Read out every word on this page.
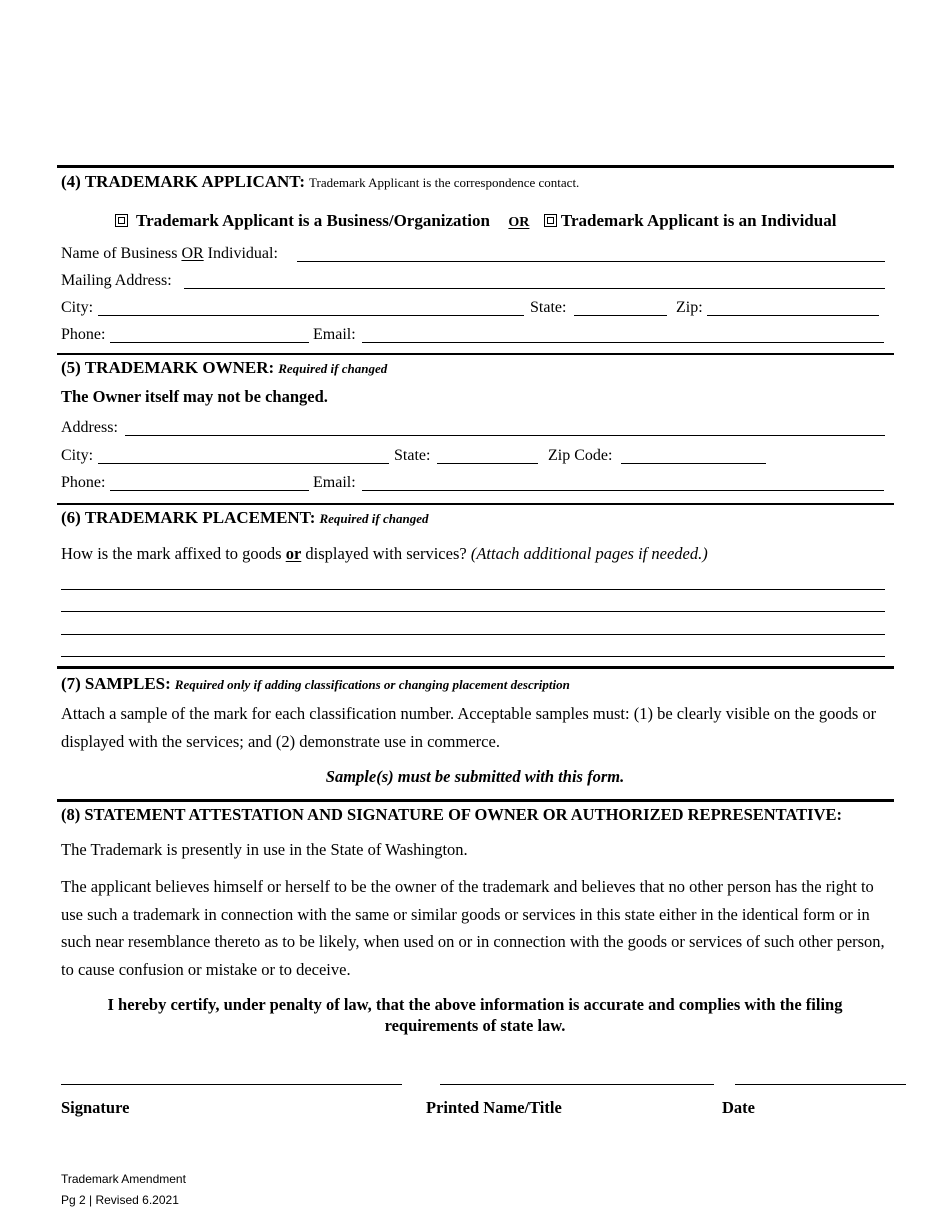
(4) TRADEMARK APPLICANT: Trademark Applicant is the correspondence contact.
Trademark Applicant is a Business/Organization OR Trademark Applicant is an Individual
Name of Business OR Individual:
Mailing Address:
City:	State:	Zip:
Phone:	Email:
(5) TRADEMARK OWNER: Required if changed
The Owner itself may not be changed.
Address:
City:	State:	Zip Code:
Phone:	Email:
(6) TRADEMARK PLACEMENT: Required if changed
How is the mark affixed to goods or displayed with services? (Attach additional pages if needed.)
(7) SAMPLES: Required only if adding classifications or changing placement description
Attach a sample of the mark for each classification number. Acceptable samples must: (1) be clearly visible on the goods or displayed with the services; and (2) demonstrate use in commerce.
Sample(s) must be submitted with this form.
(8) STATEMENT ATTESTATION AND SIGNATURE OF OWNER OR AUTHORIZED REPRESENTATIVE:
The Trademark is presently in use in the State of Washington.
The applicant believes himself or herself to be the owner of the trademark and believes that no other person has the right to use such a trademark in connection with the same or similar goods or services in this state either in the identical form or in such near resemblance thereto as to be likely, when used on or in connection with the goods or services of such other person, to cause confusion or mistake or to deceive.
I hereby certify, under penalty of law, that the above information is accurate and complies with the filing requirements of state law.
Signature	Printed Name/Title	Date
Trademark Amendment
Pg 2 | Revised 6.2021
